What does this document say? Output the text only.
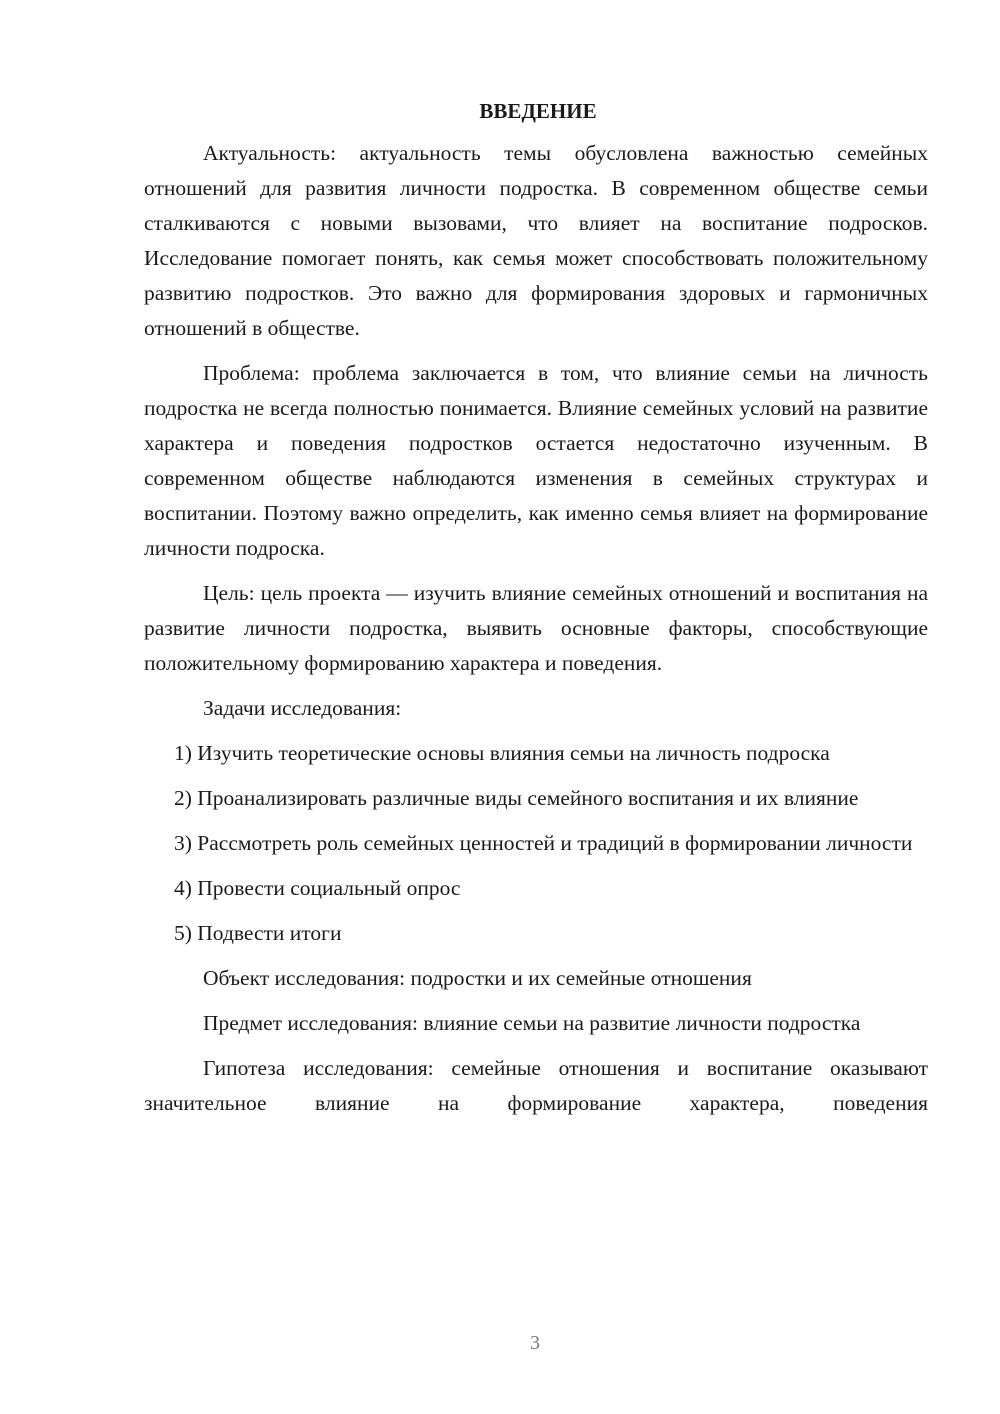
ВВЕДЕНИЕ

Актуальность: актуальность темы обусловлена важностью семейных отношений для развития личности подростка. В современном обществе семьи сталкиваются с новыми вызовами, что влияет на воспитание подросков. Исследование помогает понять, как семья может способствовать положительному развитию подростков. Это важно для формирования здоровых и гармоничных отношений в обществе.

Проблема: проблема заключается в том, что влияние семьи на личность подростка не всегда полностью понимается. Влияние семейных условий на развитие характера и поведения подростков остается недостаточно изученным. В современном обществе наблюдаются изменения в семейных структурах и воспитании. Поэтому важно определить, как именно семья влияет на формирование личности подроска.

Цель: цель проекта — изучить влияние семейных отношений и воспитания на развитие личности подростка, выявить основные факторы, способствующие положительному формированию характера и поведения.

Задачи исследования:

1) Изучить теоретические основы влияния семьи на личность подроска

2) Проанализировать различные виды семейного воспитания и их влияние

3) Рассмотреть роль семейных ценностей и традиций в формировании личности

4) Провести социальный опрос

5) Подвести итоги

Объект исследования: подростки и их семейные отношения

Предмет исследования: влияние семьи на развитие личности подростка

Гипотеза исследования: семейные отношения и воспитание оказывают значительное влияние на формирование характера, поведения

3
